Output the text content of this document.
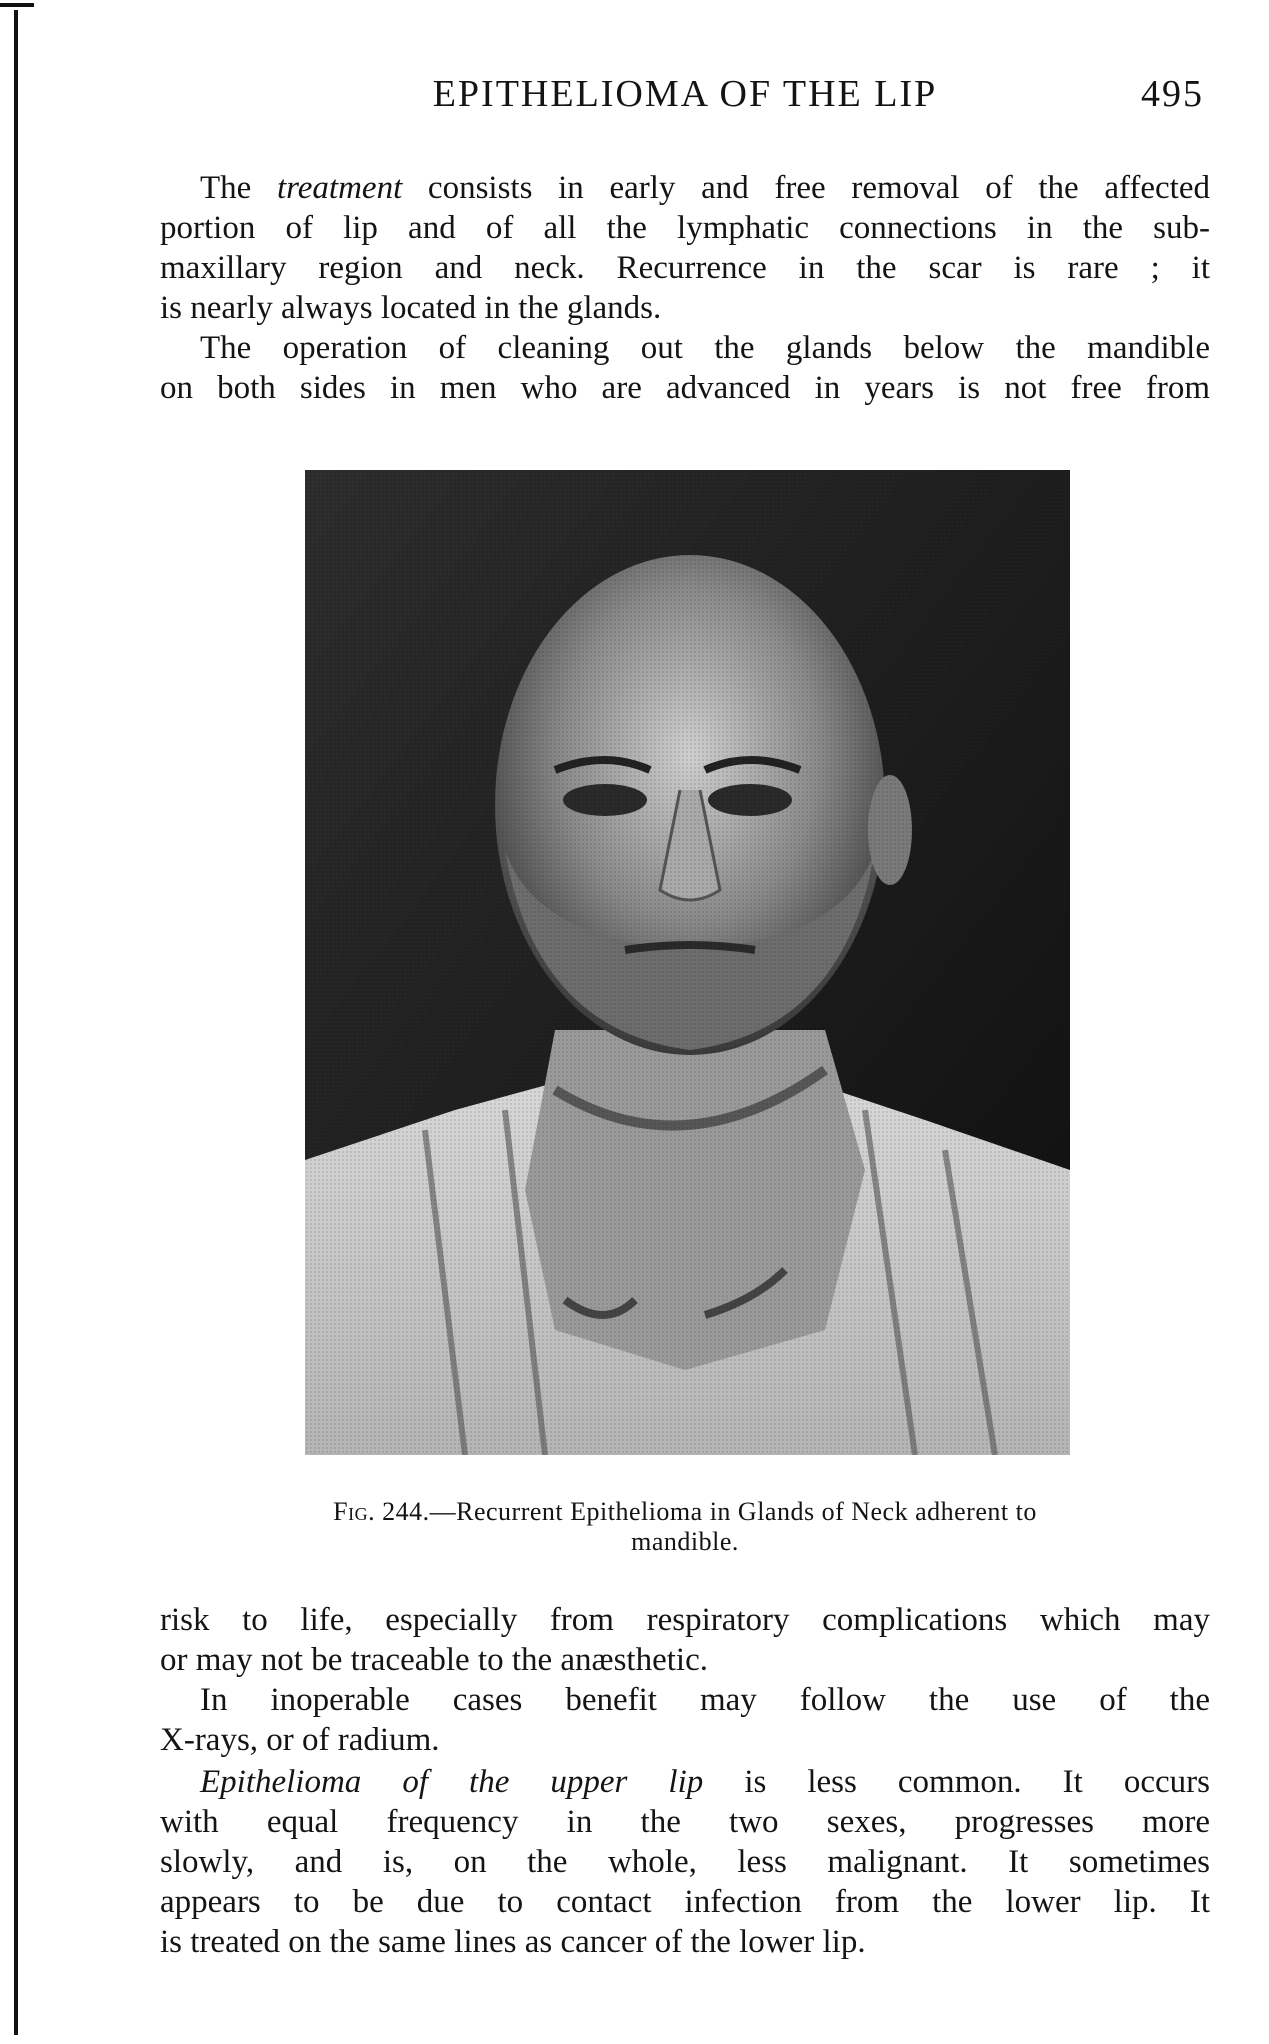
EPITHELIOMA OF THE LIP	495

The treatment consists in early and free removal of the affected
portion of lip and of all the lymphatic connections in the sub-
maxillary region and neck. Recurrence in the scar is rare ; it

is nearly always located in the glands.

The operation of cleaning out the glands below the mandible
on both sides in men who are advanced in years is not free from

Fig. 244.—Recurrent Epithelioma in Glands of Neck adherent to
mandible.

risk to life, especially from respiratory complications which may

or may not be traceable to the anæsthetic.

In inoperable cases benefit may follow the use of the

X-rays, or of radium.

Epithelioma of the upper lip is less common. It occurs
with equal frequency in the two sexes, progresses more
slowly, and is, on the whole, less malignant. It sometimes
appears to be due to contact infection from the lower lip. It

is treated on the same lines as cancer of the lower lip.
